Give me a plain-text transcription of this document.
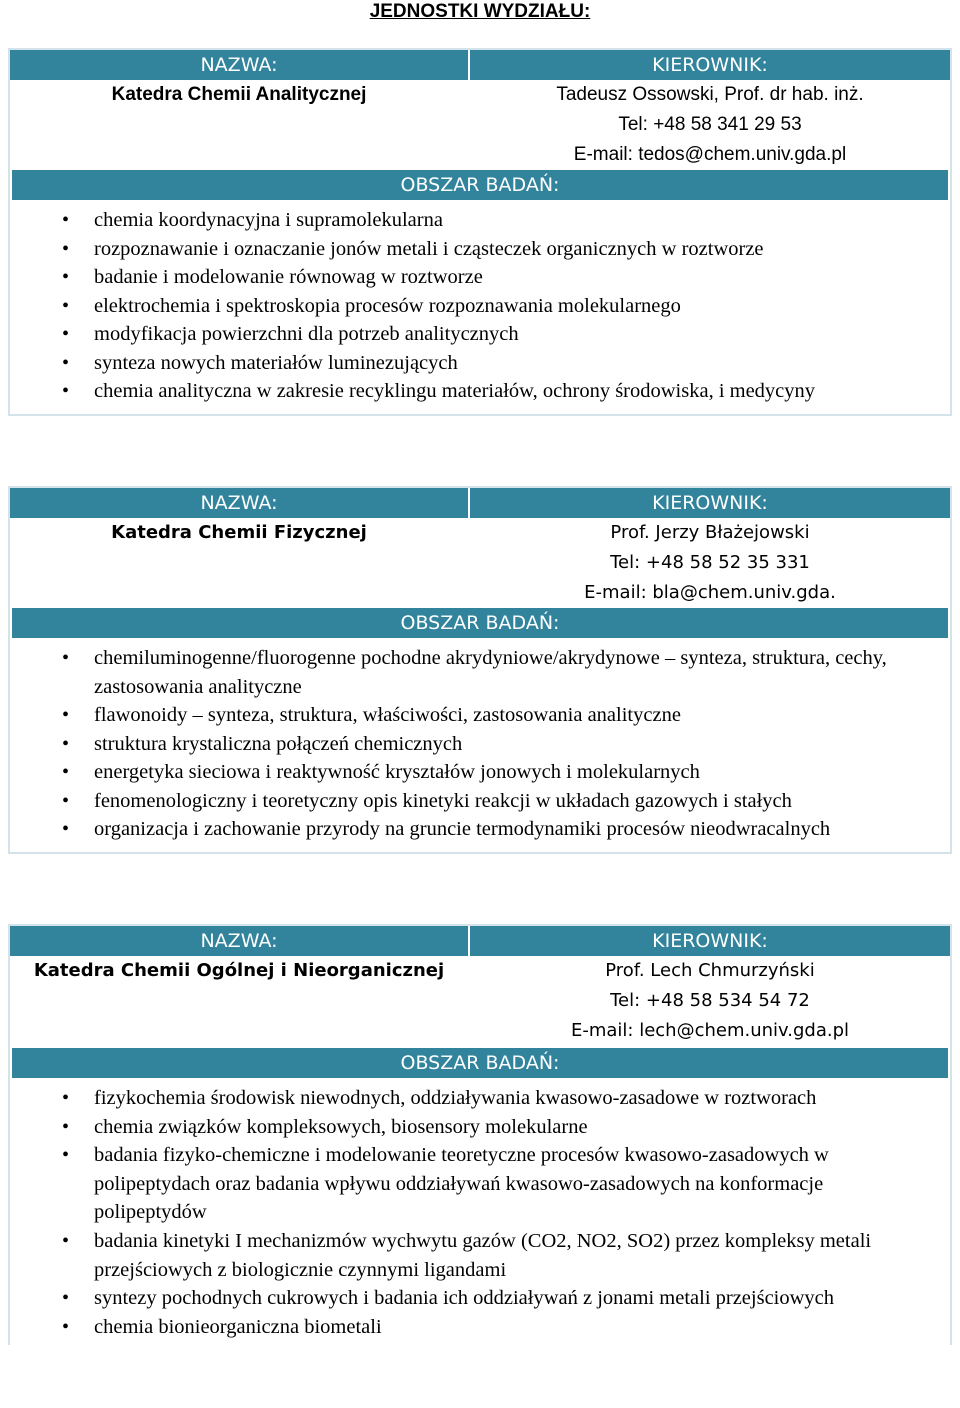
JEDNOSTKI WYDZIAŁU:
NAZWA:	KIEROWNIK:
Katedra Chemii Analitycznej	Tadeusz Ossowski, Prof. dr hab. inż.
Tel: +48 58 341 29 53
E-mail: tedos@chem.univ.gda.pl
OBSZAR BADAŃ:
• chemia koordynacyjna i supramolekularna
• rozpoznawanie i oznaczanie jonów metali i cząsteczek organicznych w roztworze
• badanie i modelowanie równowag w roztworze
• elektrochemia i spektroskopia procesów rozpoznawania molekularnego
• modyfikacja powierzchni dla potrzeb analitycznych
• synteza nowych materiałów luminezujących
• chemia analityczna w zakresie recyklingu materiałów, ochrony środowiska, i medycyny
NAZWA:	KIEROWNIK:
Katedra Chemii Fizycznej	Prof. Jerzy Błażejowski
Tel: +48 58 52 35 331
E-mail: bla@chem.univ.gda.
OBSZAR BADAŃ:
• chemiluminogenne/fluorogenne pochodne akrydyniowe/akrydynowe – synteza, struktura, cechy, zastosowania analityczne
• flawonoidy – synteza, struktura, właściwości, zastosowania analityczne
• struktura krystaliczna połączeń chemicznych
• energetyka sieciowa i reaktywność kryształów jonowych i molekularnych
• fenomenologiczny i teoretyczny opis kinetyki reakcji w układach gazowych i stałych
• organizacja i zachowanie przyrody na gruncie termodynamiki procesów nieodwracalnych
NAZWA:	KIEROWNIK:
Katedra Chemii Ogólnej i Nieorganicznej	Prof. Lech Chmurzyński
Tel: +48 58 534 54 72
E-mail: lech@chem.univ.gda.pl
OBSZAR BADAŃ:
• fizykochemia środowisk niewodnych, oddziaływania kwasowo-zasadowe w roztworach
• chemia związków kompleksowych, biosensory molekularne
• badania fizyko-chemiczne i modelowanie teoretyczne procesów kwasowo-zasadowych w polipeptydach oraz badania wpływu oddziaływań kwasowo-zasadowych na konformacje polipeptydów
• badania kinetyki I mechanizmów wychwytu gazów (CO2, NO2, SO2) przez kompleksy metali przejściowych z biologicznie czynnymi ligandami
• syntezy pochodnych cukrowych i badania ich oddziaływań z jonami metali przejściowych
• chemia bionieorganiczna biometali
